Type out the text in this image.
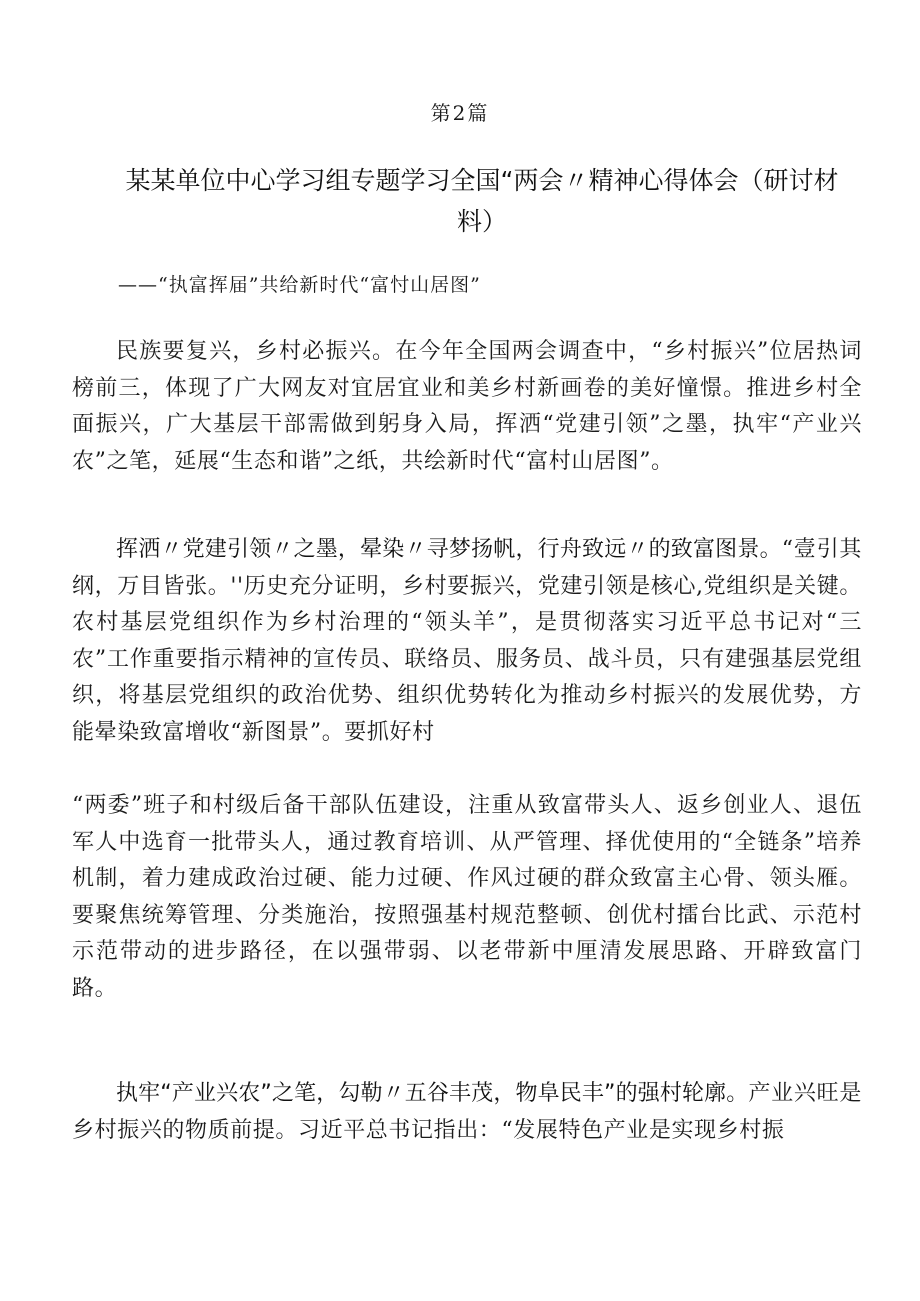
第2篇
某某单位中心学习组专题学习全国“两会〃精神心得体会（研讨材料）
——“执富挥届”共给新时代“富忖山居图”

民族要复兴，乡村必振兴。在今年全国两会调查中，“乡村振兴”位居热词榜前三，体现了广大网友对宜居宜业和美乡村新画卷的美好憧憬。推进乡村全面振兴，广大基层干部需做到躬身入局，挥洒“党建引领”之墨，执牢“产业兴农”之笔，延展“生态和谐”之纸，共绘新时代“富村山居图”。

挥洒〃党建引领〃之墨，晕染〃寻梦扬帆，行舟致远〃的致富图景。“壹引其纲，万目皆张。''历史充分证明，乡村要振兴，党建引领是核心,党组织是关键。农村基层党组织作为乡村治理的“领头羊”，是贯彻落实习近平总书记对“三农”工作重要指示精神的宣传员、联络员、服务员、战斗员，只有建强基层党组织，将基层党组织的政治优势、组织优势转化为推动乡村振兴的发展优势，方能晕染致富增收“新图景”。要抓好村

“两委”班子和村级后备干部队伍建设，注重从致富带头人、返乡创业人、退伍军人中选育一批带头人，通过教育培训、从严管理、择优使用的“全链条”培养机制，着力建成政治过硬、能力过硬、作风过硬的群众致富主心骨、领头雁。要聚焦统筹管理、分类施治，按照强基村规范整顿、创优村擂台比武、示范村示范带动的进步路径，在以强带弱、以老带新中厘清发展思路、开辟致富门路。

执牢“产业兴农”之笔，勾勒〃五谷丰茂，物阜民丰”的强村轮廓。产业兴旺是乡村振兴的物质前提。习近平总书记指出：“发展特色产业是实现乡村振
